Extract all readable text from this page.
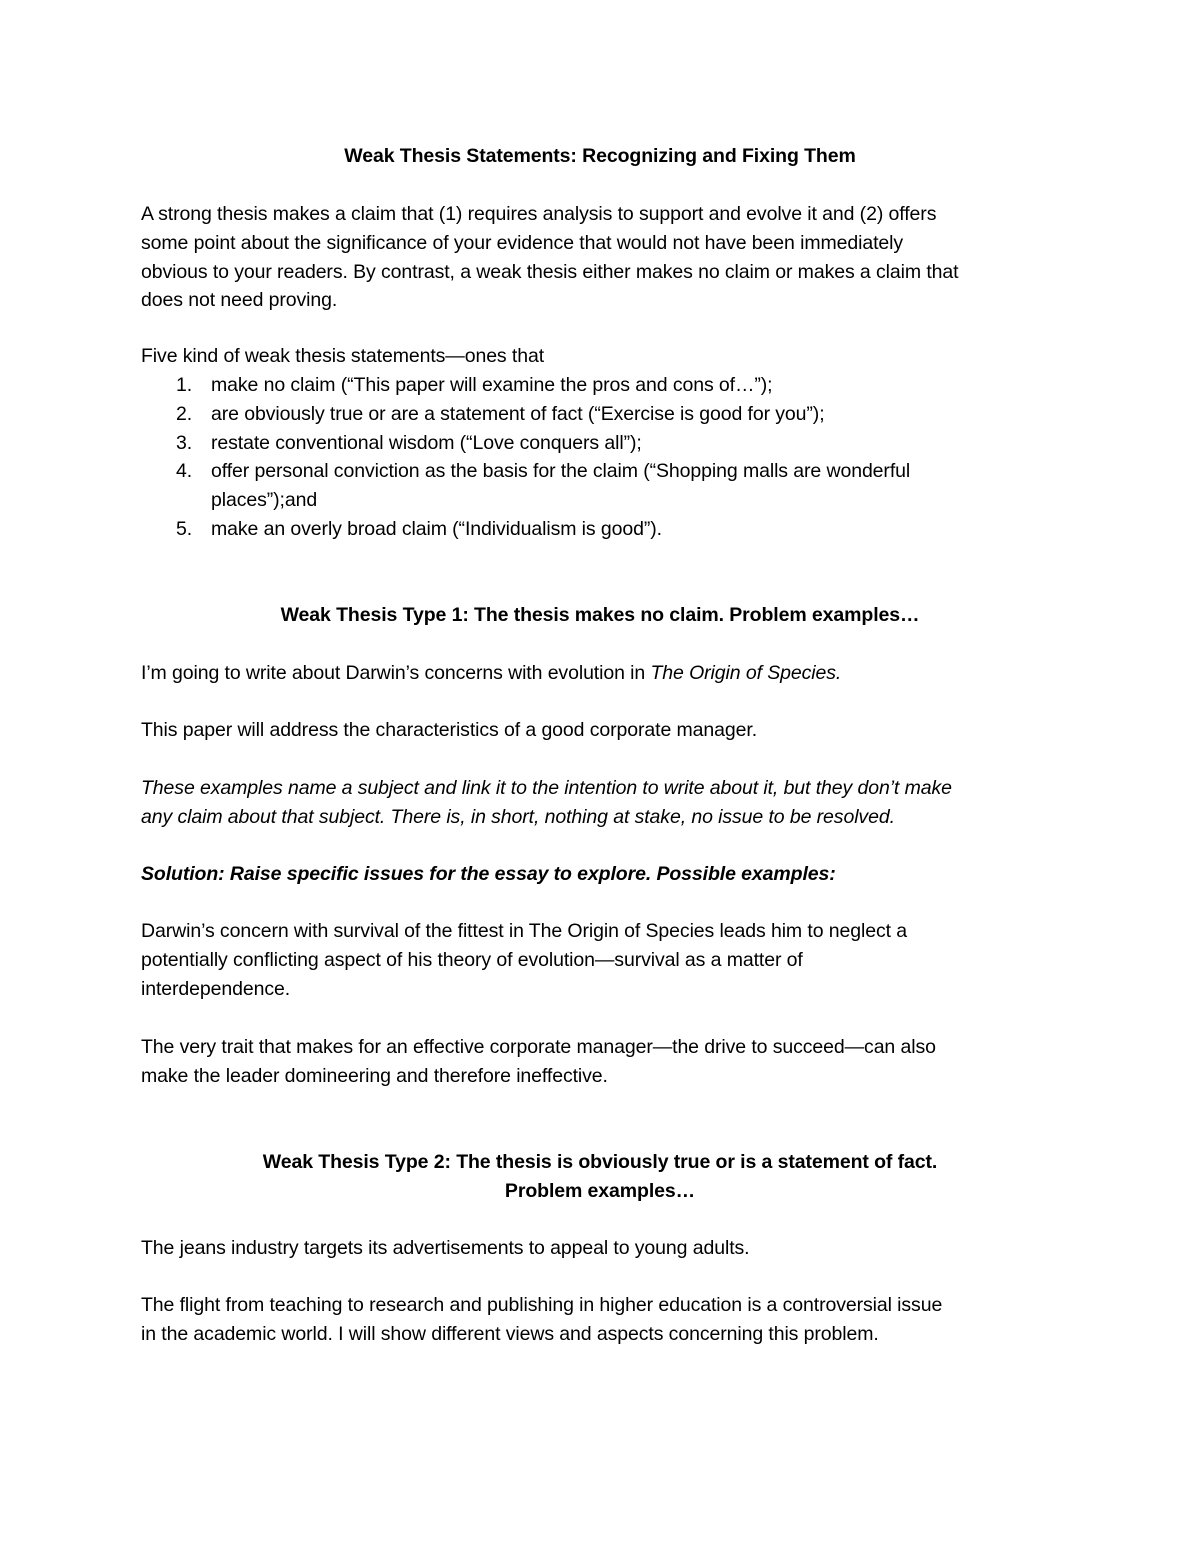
Weak Thesis Statements: Recognizing and Fixing Them
A strong thesis makes a claim that (1) requires analysis to support and evolve it and (2) offers
some point about the significance of your evidence that would not have been immediately
obvious to your readers. By contrast, a weak thesis either makes no claim or makes a claim that
does not need proving.
Five kind of weak thesis statements—ones that
1. make no claim (“This paper will examine the pros and cons of…”);
2. are obviously true or are a statement of fact (“Exercise is good for you”);
3. restate conventional wisdom (“Love conquers all”);
4. offer personal conviction as the basis for the claim (“Shopping malls are wonderful
places”);and
5. make an overly broad claim (“Individualism is good”).
Weak Thesis Type 1: The thesis makes no claim. Problem examples…
I’m going to write about Darwin’s concerns with evolution in The Origin of Species.
This paper will address the characteristics of a good corporate manager.
These examples name a subject and link it to the intention to write about it, but they don’t make
any claim about that subject. There is, in short, nothing at stake, no issue to be resolved.
Solution: Raise specific issues for the essay to explore. Possible examples:
Darwin’s concern with survival of the fittest in The Origin of Species leads him to neglect a
potentially conflicting aspect of his theory of evolution—survival as a matter of
interdependence.
The very trait that makes for an effective corporate manager—the drive to succeed—can also
make the leader domineering and therefore ineffective.
Weak Thesis Type 2: The thesis is obviously true or is a statement of fact.
Problem examples…
The jeans industry targets its advertisements to appeal to young adults.
The flight from teaching to research and publishing in higher education is a controversial issue
in the academic world. I will show different views and aspects concerning this problem.
